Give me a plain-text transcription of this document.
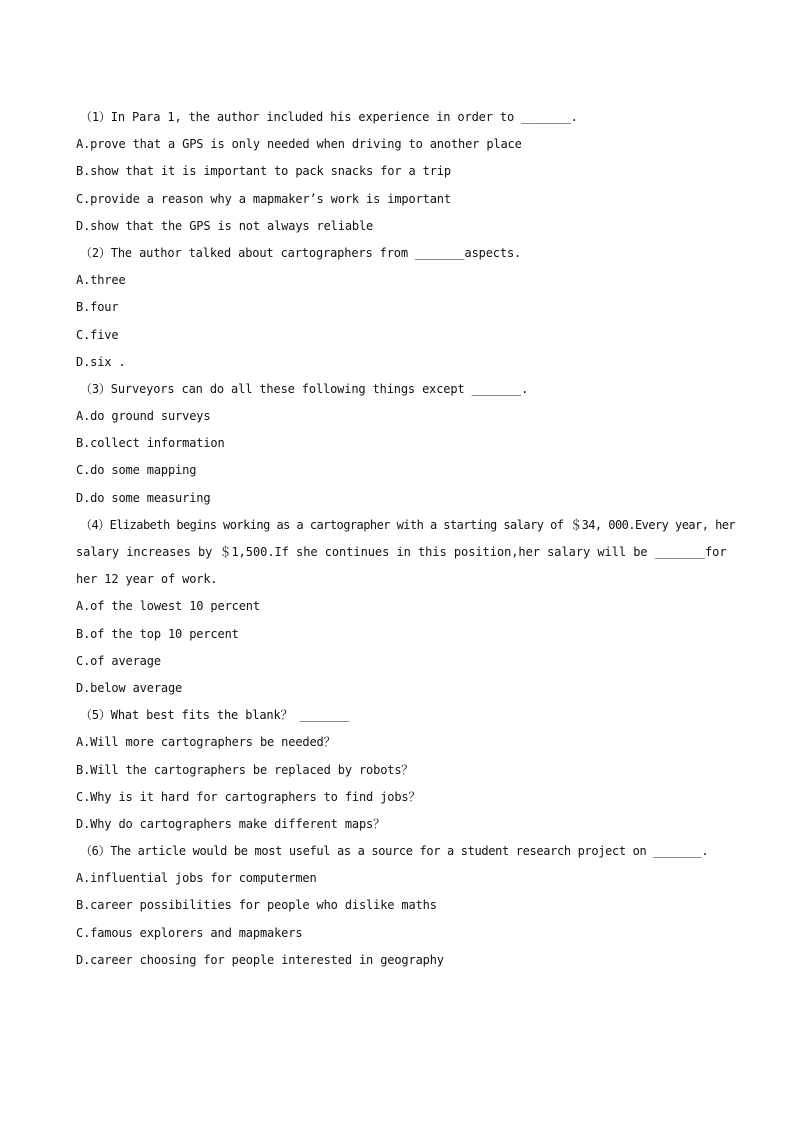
（1）In Para 1, the author included his experience in order to _______.
A.prove that a GPS is only needed when driving to another place
B.show that it is important to pack snacks for a trip
C.provide a reason why a mapmaker’s work is important
D.show that the GPS is not always reliable
（2）The author talked about cartographers from _______aspects.
A.three
B.four
C.five
D.six .
（3）Surveyors can do all these following things except _______.
A.do ground surveys
B.collect information
C.do some mapping
D.do some measuring
（4）Elizabeth begins working as a cartographer with a starting salary of ＄34, 000.Every year, her
salary increases by ＄1,500.If she continues in this position,her salary will be _______for
her 12 year of work.
A.of the lowest 10 percent
B.of the top 10 percent
C.of average
D.below average
（5）What best fits the blank？ _______
A.Will more cartographers be needed？
B.Will the cartographers be replaced by robots？
C.Why is it hard for cartographers to find jobs？
D.Why do cartographers make different maps？
（6）The article would be most useful as a source for a student research project on _______.
A.influential jobs for computermen
B.career possibilities for people who dislike maths
C.famous explorers and mapmakers
D.career choosing for people interested in geography
